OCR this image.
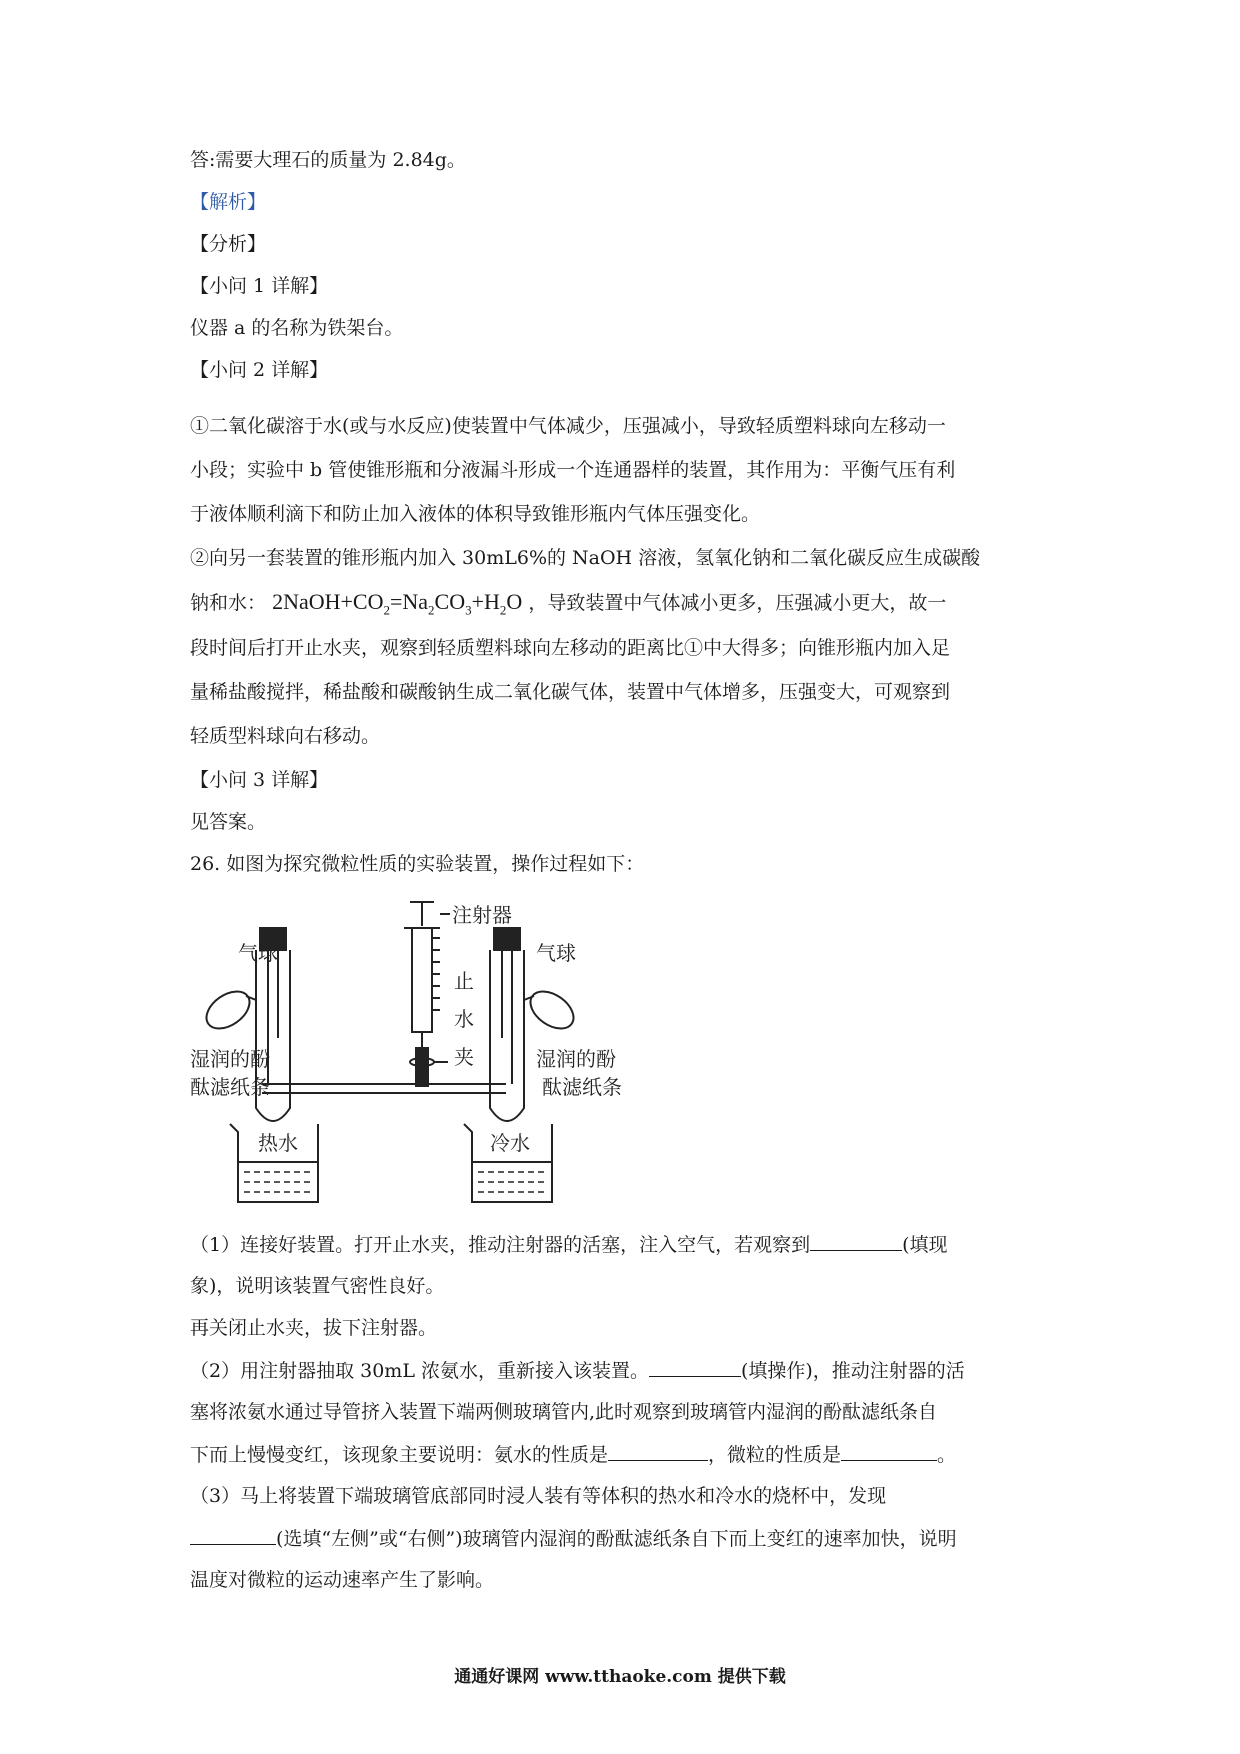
答:需要大理石的质量为 2.84g。
【解析】
【分析】
【小问 1 详解】
仪器 a 的名称为铁架台。
【小问 2 详解】
①二氧化碳溶于水(或与水反应)使装置中气体减少，压强减小，导致轻质塑料球向左移动一
小段；实验中 b 管使锥形瓶和分液漏斗形成一个连通器样的装置，其作用为：平衡气压有利
于液体顺利滴下和防止加入液体的体积导致锥形瓶内气体压强变化。
②向另一套装置的锥形瓶内加入 30mL6%的 NaOH 溶液，氢氧化钠和二氧化碳反应生成碳酸
钠和水： $2NaOH+CO_2=Na_2CO_3+H_2O$ ，导致装置中气体减小更多，压强减小更大，故一
段时间后打开止水夹，观察到轻质塑料球向左移动的距离比①中大得多；向锥形瓶内加入足
量稀盐酸搅拌，稀盐酸和碳酸钠生成二氧化碳气体，装置中气体增多，压强变大，可观察到
轻质型料球向右移动。
【小问 3 详解】
见答案。
26. 如图为探究微粒性质的实验装置，操作过程如下：
注射器
气球	气球
止
水
夹
湿润的酚
酞滤纸条
湿润的酚
酞滤纸条
热水	冷水
（1）连接好装置。打开止水夹，推动注射器的活塞，注入空气，若观察到	(填现
象)，说明该装置气密性良好。
再关闭止水夹，拔下注射器。
（2）用注射器抽取 30mL 浓氨水，重新接入该装置。	(填操作)，推动注射器的活
塞将浓氨水通过导管挤入装置下端两侧玻璃管内,此时观察到玻璃管内湿润的酚酞滤纸条自
下而上慢慢变红，该现象主要说明：氨水的性质是	，微粒的性质是	。
（3）马上将装置下端玻璃管底部同时浸人装有等体积的热水和冷水的烧杯中，发现
(选填“左侧”或“右侧”)玻璃管内湿润的酚酞滤纸条自下而上变红的速率加快，说明
温度对微粒的运动速率产生了影响。
通通好课网 www.tthaoke.com 提供下载
